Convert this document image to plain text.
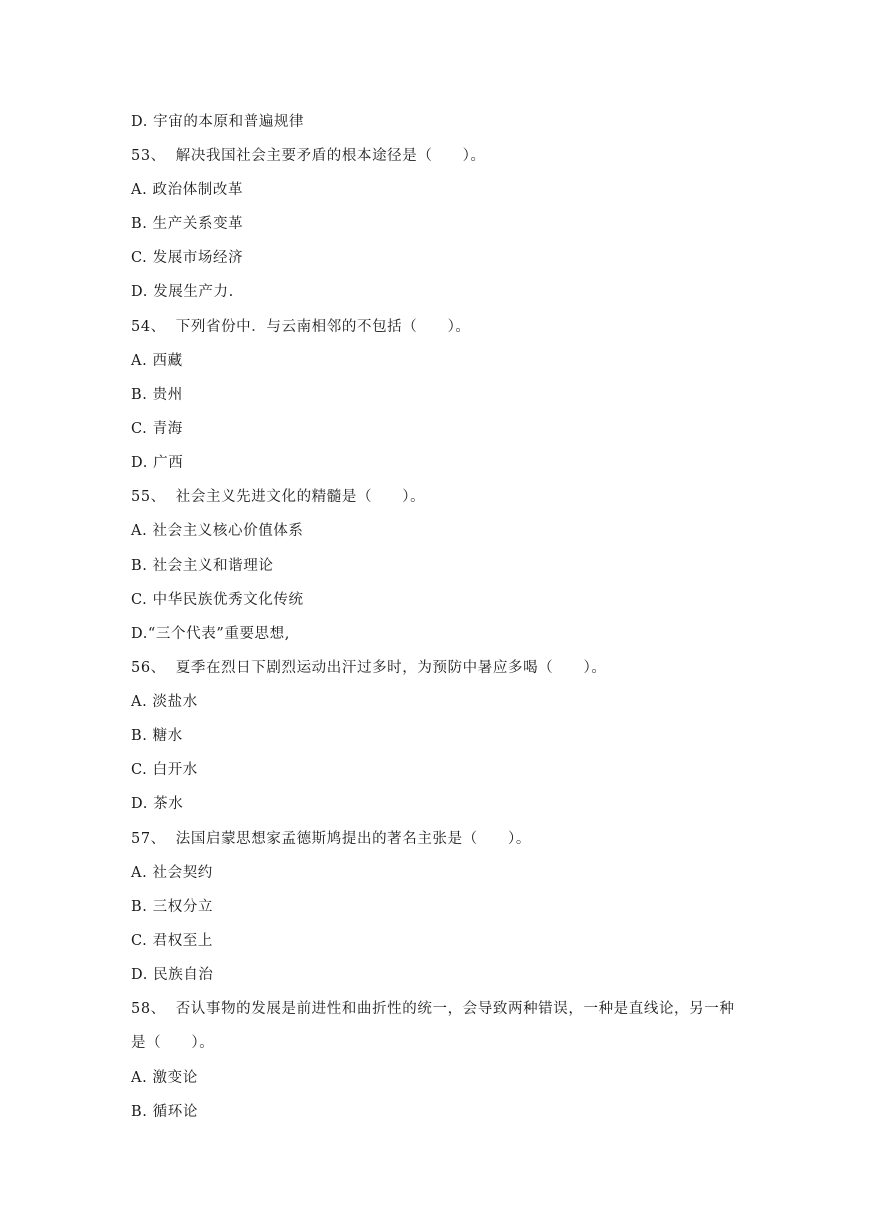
D. 宇宙的本原和普遍规律
53、 解决我国社会主要矛盾的根本途径是（　　）。
A. 政治体制改革
B. 生产关系变革
C. 发展市场经济
D. 发展生产力.
54、 下列省份中．与云南相邻的不包括（　　）。
A. 西藏
B. 贵州
C. 青海
D. 广西
55、 社会主义先进文化的精髓是（　　）。
A. 社会主义核心价值体系
B. 社会主义和谐理论
C. 中华民族优秀文化传统
D.“三个代表”重要思想,
56、 夏季在烈日下剧烈运动出汗过多时，为预防中暑应多喝（　　）。
A. 淡盐水
B. 糖水
C. 白开水
D. 茶水
57、 法国启蒙思想家孟德斯鸠提出的著名主张是（　　）。
A. 社会契约
B. 三权分立
C. 君权至上
D. 民族自治
58、 否认事物的发展是前进性和曲折性的统一，会导致两种错误，一种是直线论，另一种
是（　　）。
A. 激变论
B. 循环论
